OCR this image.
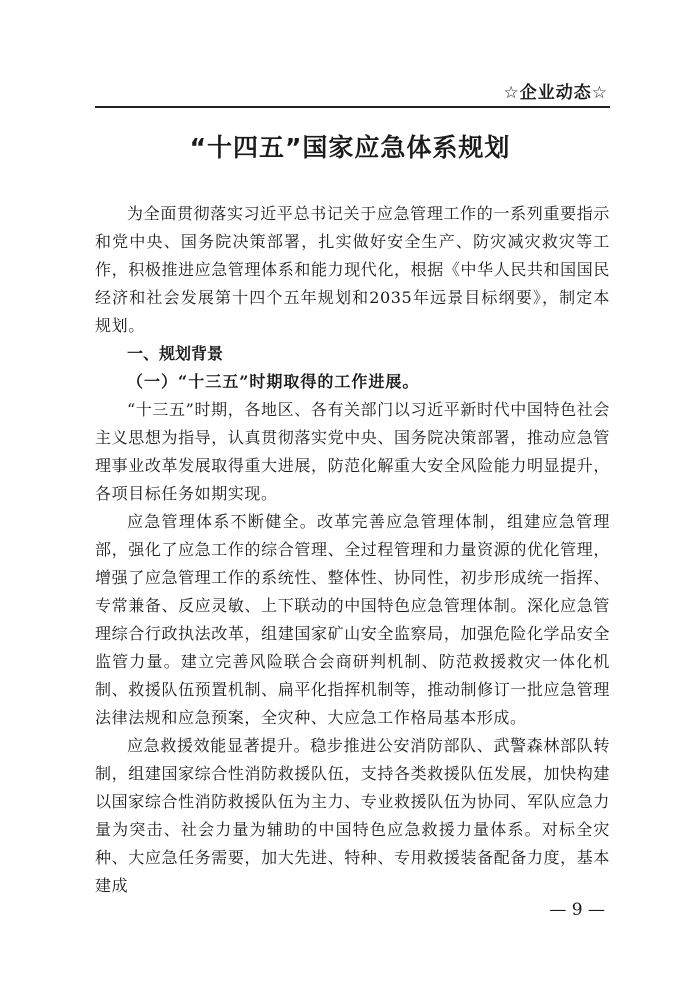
☆企业动态☆
“十四五”国家应急体系规划

为全面贯彻落实习近平总书记关于应急管理工作的一系列重要指示和党中央、国务院决策部署，扎实做好安全生产、防灾减灾救灾等工作，积极推进应急管理体系和能力现代化，根据《中华人民共和国国民经济和社会发展第十四个五年规划和2035年远景目标纲要》，制定本规划。

一、规划背景

（一）“十三五”时期取得的工作进展。

“十三五”时期，各地区、各有关部门以习近平新时代中国特色社会主义思想为指导，认真贯彻落实党中央、国务院决策部署，推动应急管理事业改革发展取得重大进展，防范化解重大安全风险能力明显提升，各项目标任务如期实现。

应急管理体系不断健全。改革完善应急管理体制，组建应急管理部，强化了应急工作的综合管理、全过程管理和力量资源的优化管理，增强了应急管理工作的系统性、整体性、协同性，初步形成统一指挥、专常兼备、反应灵敏、上下联动的中国特色应急管理体制。深化应急管理综合行政执法改革，组建国家矿山安全监察局，加强危险化学品安全监管力量。建立完善风险联合会商研判机制、防范救援救灾一体化机制、救援队伍预置机制、扁平化指挥机制等，推动制修订一批应急管理法律法规和应急预案，全灾种、大应急工作格局基本形成。

应急救援效能显著提升。稳步推进公安消防部队、武警森林部队转制，组建国家综合性消防救援队伍，支持各类救援队伍发展，加快构建以国家综合性消防救援队伍为主力、专业救援队伍为协同、军队应急力量为突击、社会力量为辅助的中国特色应急救援力量体系。对标全灾种、大应急任务需要，加大先进、特种、专用救援装备配备力度，基本建成

— 9 —
